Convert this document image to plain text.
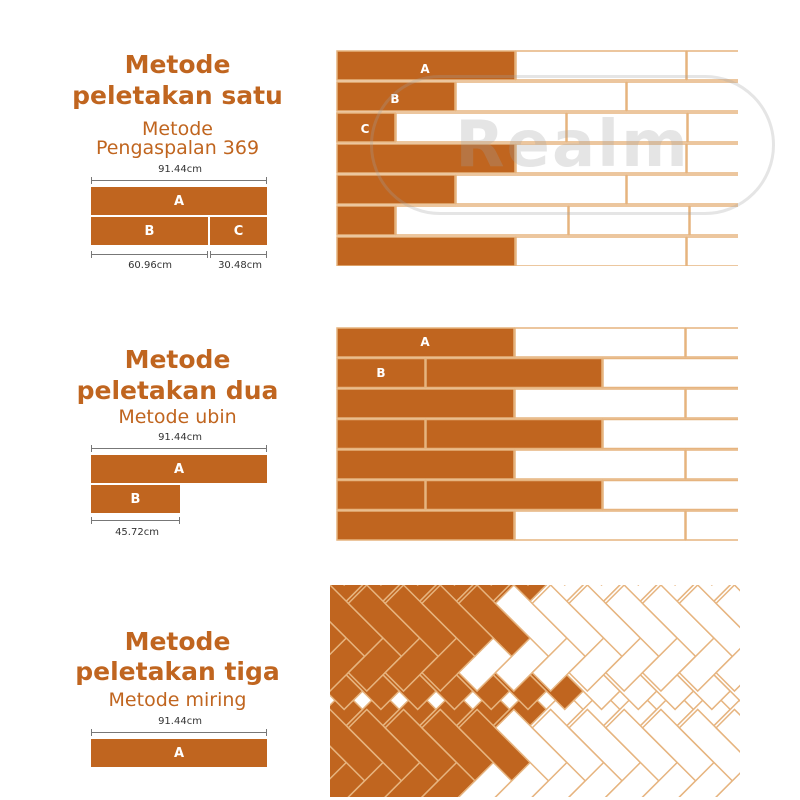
Metode
peletakan satu
Metode
Pengaspalan 369
91.44cm
A
B	C
60.96cm	30.48cm
Metode
peletakan dua
Metode ubin
91.44cm
A
B
45.72cm
Metode
peletakan tiga
Metode miring
91.44cm
A
A
B
C	Realm
A
B
